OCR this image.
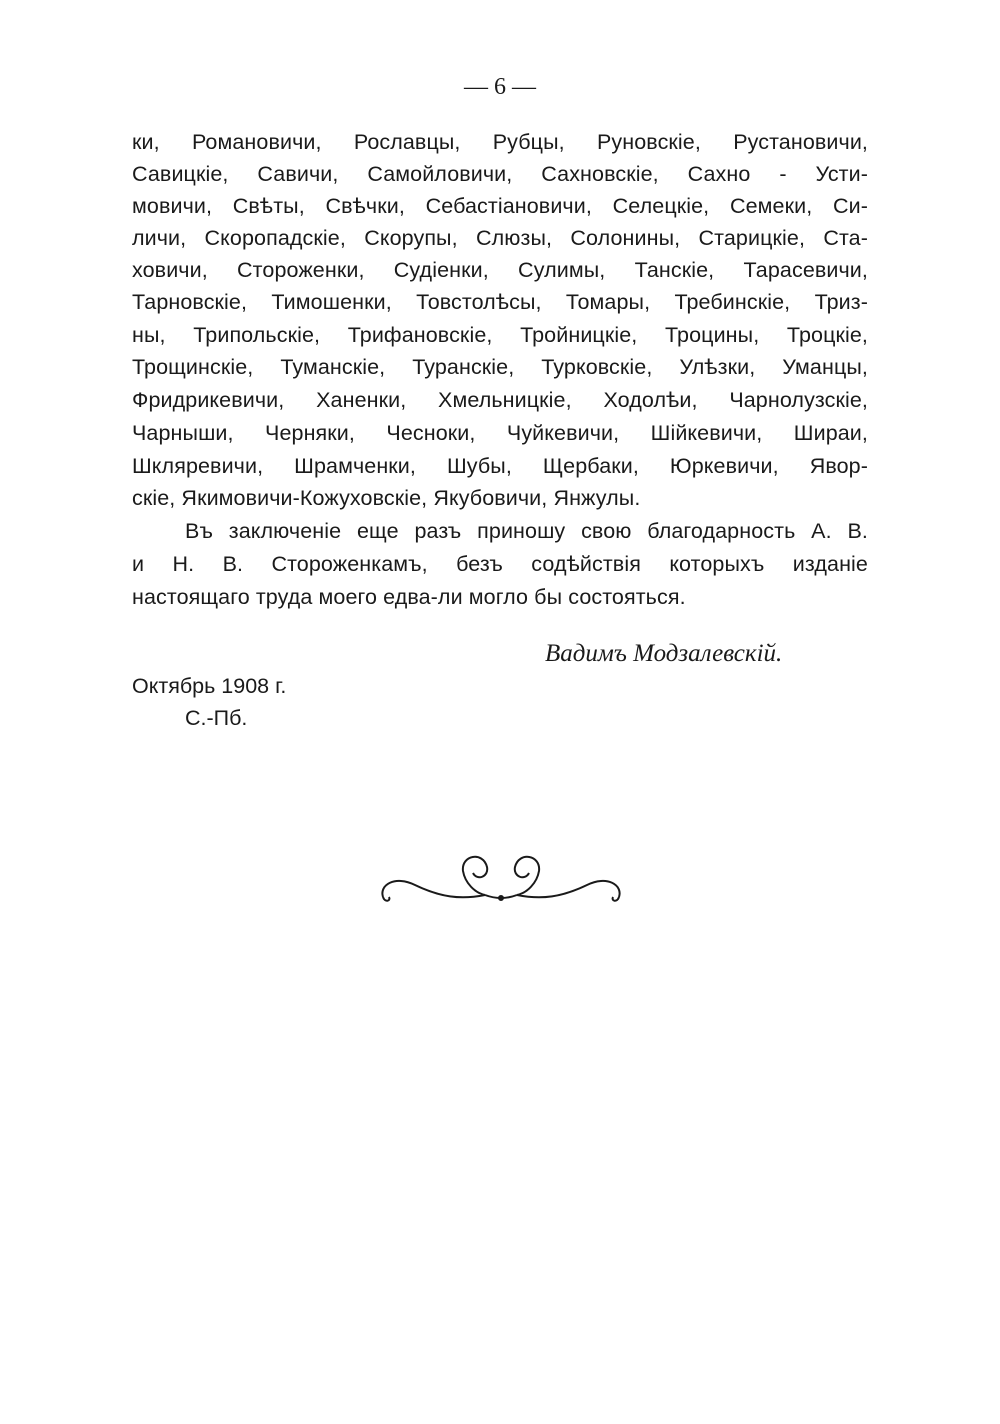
— 6 —
ки, Романовичи, Рославцы, Рубцы, Руновскіе, Рустановичи,
Савицкіе, Савичи, Самойловичи, Сахновскіе, Сахно - Усти-
мовичи, Свѣты, Свѣчки, Себастіановичи, Селецкіе, Семеки, Си-
личи, Скоропадскіе, Скорупы, Слюзы, Солонины, Старицкіе, Ста-
ховичи, Стороженки, Судіенки, Сулимы, Танскіе, Тарасевичи,
Тарновскіе, Тимошенки, Товстолѣсы, Томары, Требинскіе, Триз-
ны, Трипольскіе, Трифановскіе, Тройницкіе, Троцины, Троцкіе,
Трощинскіе, Туманскіе, Туранскіе, Турковскіе, Улѣзки, Уманцы,
Фридрикевичи, Ханенки, Хмельницкіе, Ходолѣи, Чарнолузскіе,
Чарныши, Черняки, Чесноки, Чуйкевичи, Шійкевичи, Шираи,
Шкляревичи, Шрамченки, Шубы, Щербаки, Юркевичи, Явор-
скіе, Якимовичи-Кожуховскіе, Якубовичи, Янжулы.
Въ заключеніе еще разъ приношу свою благодарность А. В.
и Н. В. Стороженкамъ, безъ содѣйствія которыхъ изданіе
настоящаго труда моего едва-ли могло бы состояться.
Вадимъ Модзалевскій.
Октябрь 1908 г.
С.-Пб.
